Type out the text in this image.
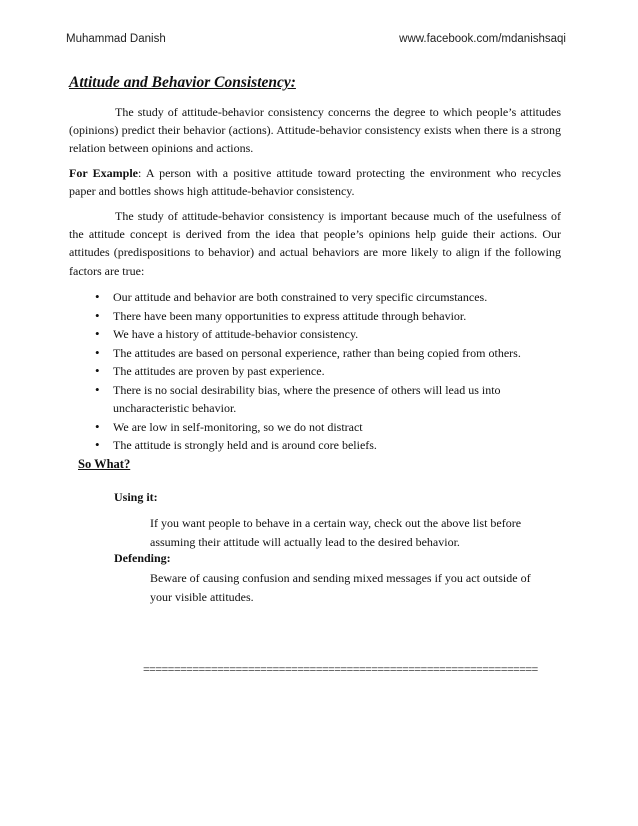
Muhammad Danish	www.facebook.com/mdanishsaqi
Attitude and Behavior Consistency:

The study of attitude-behavior consistency concerns the degree to which people’s attitudes (opinions) predict their behavior (actions). Attitude-behavior consistency exists when there is a strong relation between opinions and actions.

For Example: A person with a positive attitude toward protecting the environment who recycles paper and bottles shows high attitude-behavior consistency.

The study of attitude-behavior consistency is important because much of the usefulness of the attitude concept is derived from the idea that people’s opinions help guide their actions. Our attitudes (predispositions to behavior) and actual behaviors are more likely to align if the following factors are true:

• Our attitude and behavior are both constrained to very specific circumstances.
• There have been many opportunities to express attitude through behavior.
• We have a history of attitude-behavior consistency.
• The attitudes are based on personal experience, rather than being copied from others.
• The attitudes are proven by past experience.
• There is no social desirability bias, where the presence of others will lead us into uncharacteristic behavior.
• We are low in self-monitoring, so we do not distract
• The attitude is strongly held and is around core beliefs.
So What?
Using it:

If you want people to behave in a certain way, check out the above list before assuming their attitude will actually lead to the desired behavior.

Defending:

Beware of causing confusion and sending mixed messages if you act outside of your visible attitudes.

================================================================
